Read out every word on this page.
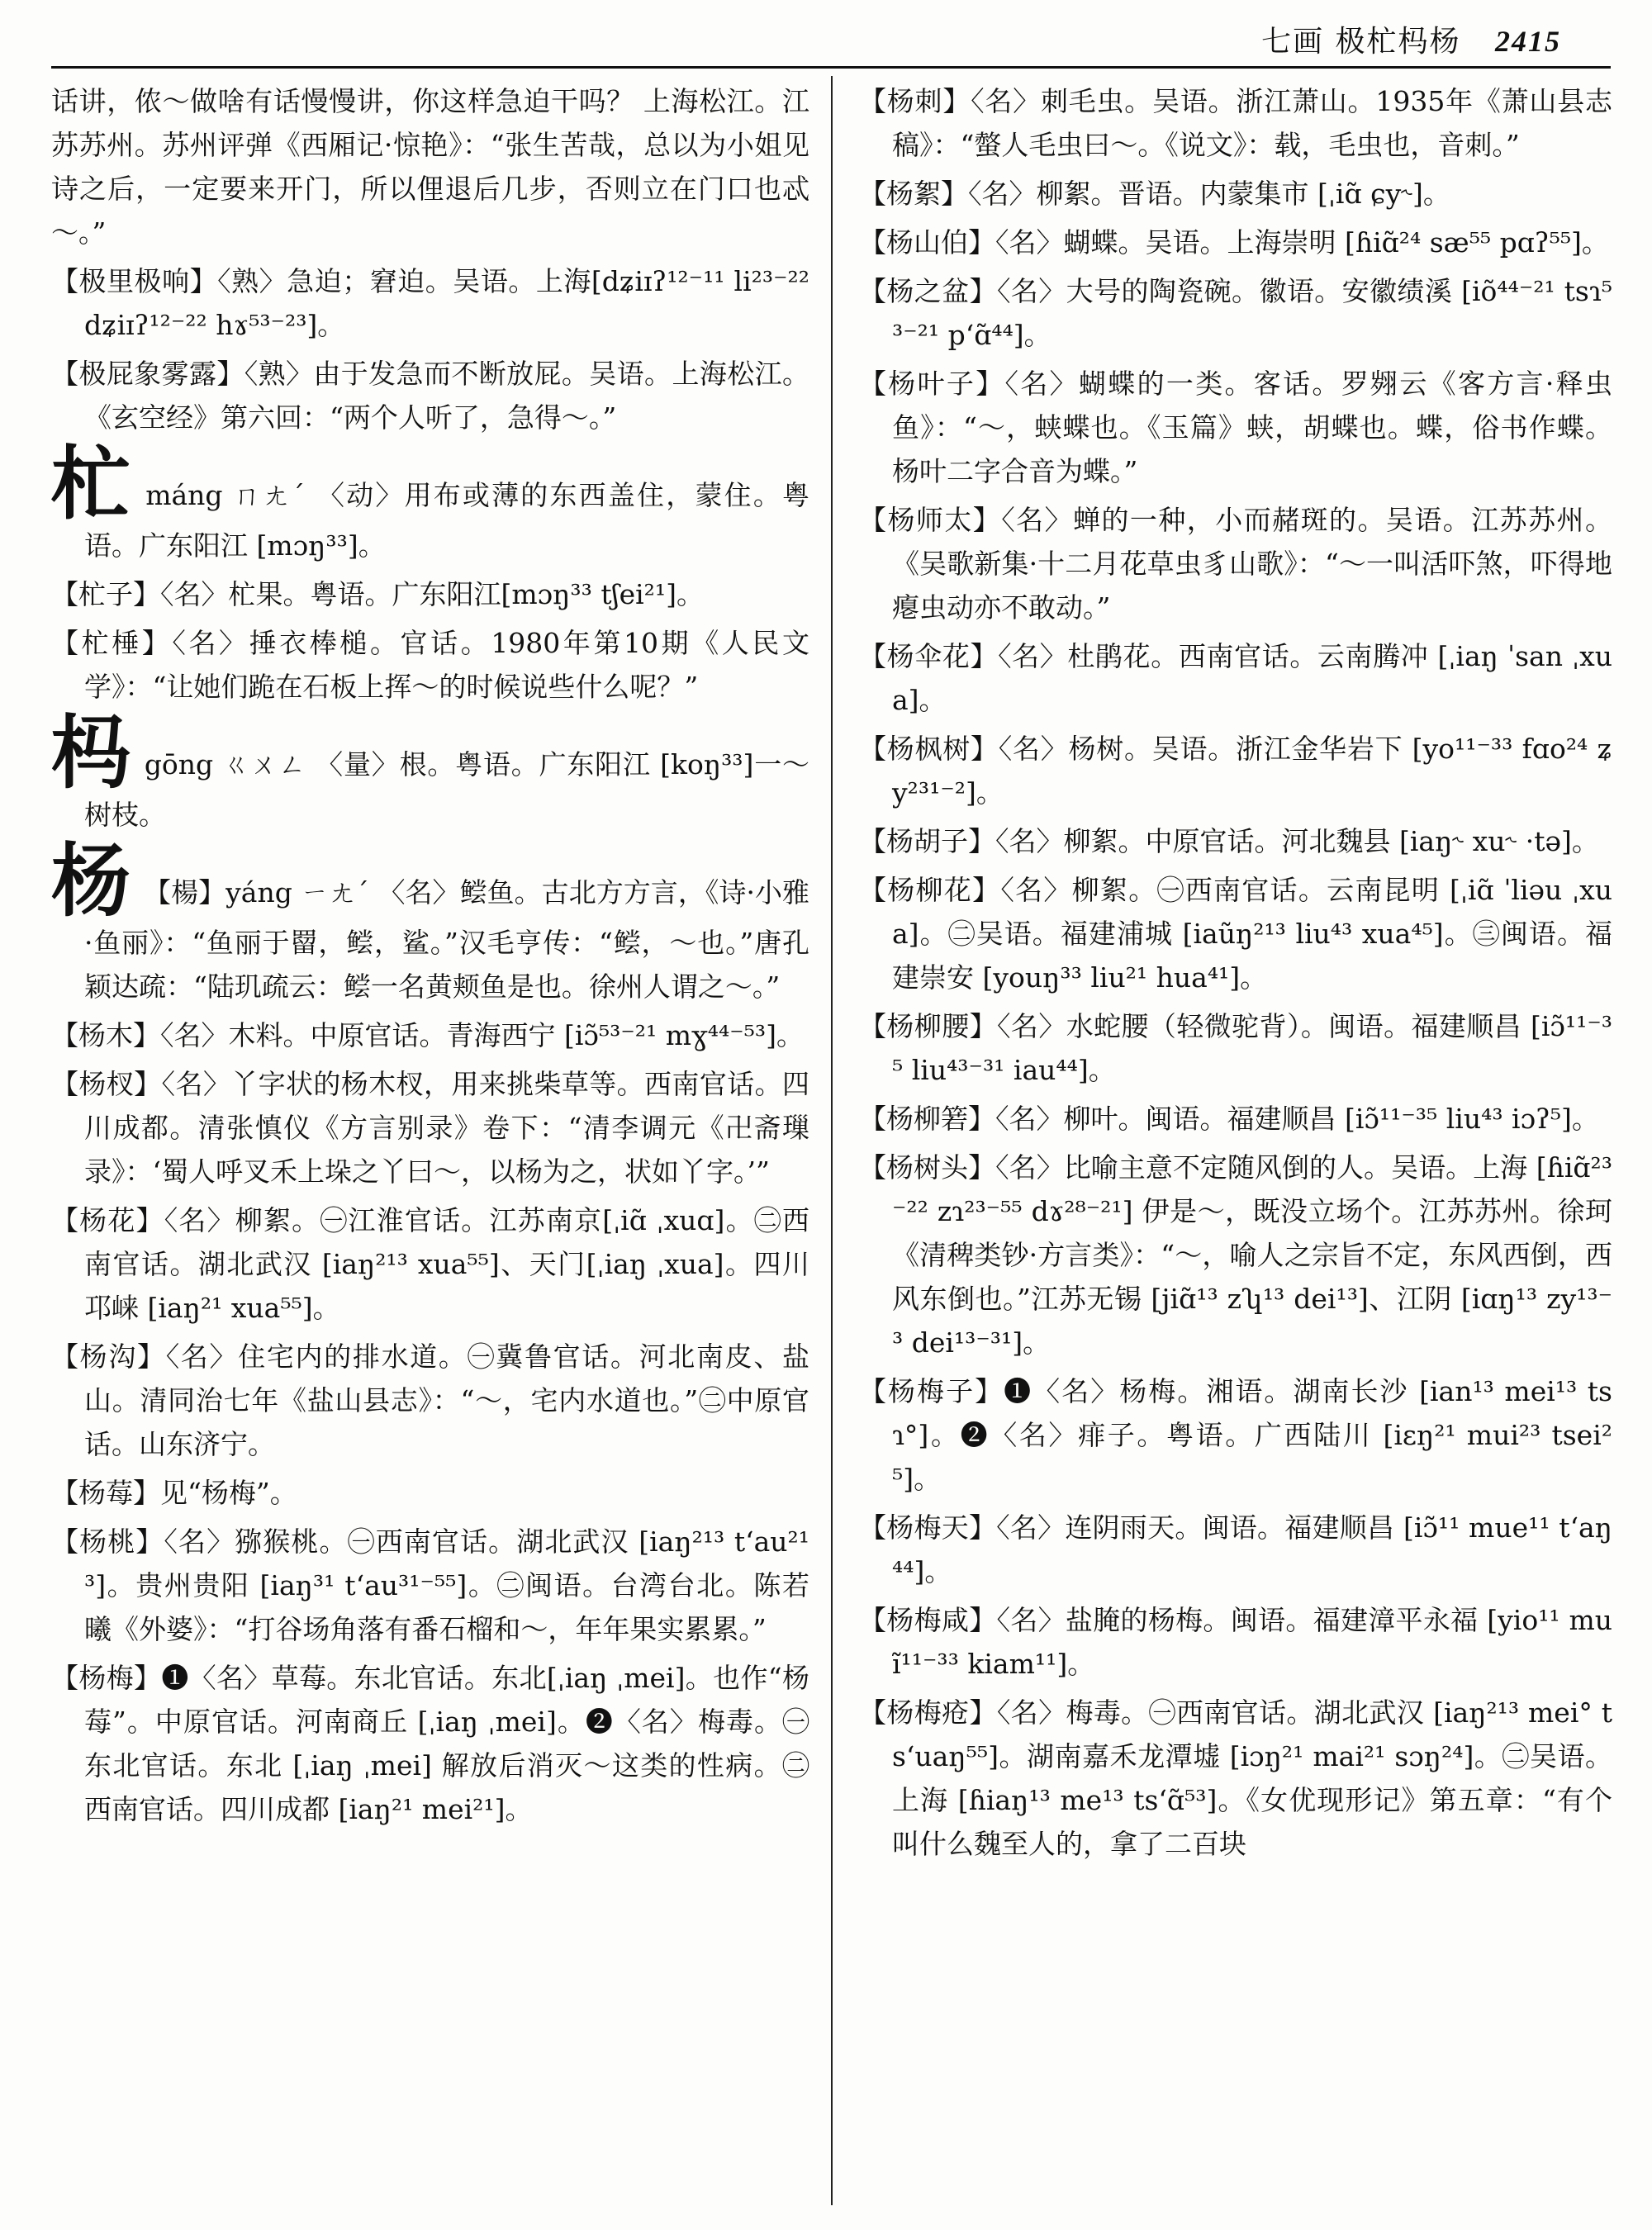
七画 极杧杩杨 2415

话讲，侬～做啥有话慢慢讲，你这样急迫干吗？ 上海松江。江苏苏州。苏州评弹《西厢记·惊艳》：“张生苦哉，总以为小姐见诗之后，一定要来开门，所以俚退后几步，否则立在门口也忒～。”

【极里极响】〈熟〉急迫；窘迫。吴语。上海[dʑiɪʔ¹²⁻¹¹ li²³⁻²² dʑiɪʔ¹²⁻²² hɤ⁵³⁻²³]。

【极屁象雾露】〈熟〉由于发急而不断放屁。吴语。上海松江。《玄空经》第六回：“两个人听了，急得～。”

杧máng ㄇㄤˊ 〈动〉用布或薄的东西盖住，蒙住。粤语。广东阳江 [mɔŋ³³]。

【杧子】〈名〉杧果。粤语。广东阳江[mɔŋ³³ tʃei²¹]。

【杧棰】〈名〉捶衣棒槌。官话。1980年第10期《人民文学》：“让她们跪在石板上挥～的时候说些什么呢？”

杩gōng ㄍㄨㄥ 〈量〉根。粤语。广东阳江 [koŋ³³]一～树枝。

杨 【楊】yáng ㄧㄤˊ 〈名〉鲿鱼。古北方方言，《诗·小雅·鱼丽》：“鱼丽于罶，鲿，鲨。”汉毛亨传：“鲿，～也。”唐孔颖达疏：“陆玑疏云：鲿一名黄颊鱼是也。徐州人谓之～。”

【杨木】〈名〉木料。中原官话。青海西宁 [iɔ̃⁵³⁻²¹ mɣ⁴⁴⁻⁵³]。

【杨杈】〈名〉丫字状的杨木杈，用来挑柴草等。西南官话。四川成都。清张慎仪《方言别录》卷下：“清李调元《卍斋璅录》：‘蜀人呼叉禾上垛之丫曰～，以杨为之，状如丫字。’”

【杨花】〈名〉柳絮。㊀江淮官话。江苏南京[ˌiɑ̃ ˌxuɑ]。㊁西南官话。湖北武汉 [iaŋ²¹³ xua⁵⁵]、天门[ˌiaŋ ˌxua]。四川邛崃 [iaŋ²¹ xua⁵⁵]。

【杨沟】〈名〉住宅内的排水道。㊀冀鲁官话。河北南皮、盐山。清同治七年《盐山县志》：“～，宅内水道也。”㊁中原官话。山东济宁。

【杨莓】见“杨梅”。

【杨桃】〈名〉猕猴桃。㊀西南官话。湖北武汉 [iaŋ²¹³ t‘au²¹³]。贵州贵阳 [iaŋ³¹ t‘au³¹⁻⁵⁵]。㊁闽语。台湾台北。陈若曦《外婆》：“打谷场角落有番石榴和～，年年果实累累。”

【杨梅】❶〈名〉草莓。东北官话。东北[ˌiaŋ ˌmei]。也作“杨莓”。中原官话。河南商丘 [ˌiaŋ ˌmei]。❷〈名〉梅毒。㊀东北官话。东北 [ˌiaŋ ˌmei] 解放后消灭～这类的性病。㊁西南官话。四川成都 [iaŋ²¹ mei²¹]。

【杨刺】〈名〉刺毛虫。吴语。浙江萧山。1935年《萧山县志稿》：“螫人毛虫曰～。《说文》：载，毛虫也，音刺。”

【杨絮】〈名〉柳絮。晋语。内蒙集市 [ˌiɑ̃ ɕy˞]。

【杨山伯】〈名〉蝴蝶。吴语。上海崇明 [ɦiɑ̃²⁴ sæ⁵⁵ pɑʔ⁵⁵]。

【杨之盆】〈名〉大号的陶瓷碗。徽语。安徽绩溪 [iõ⁴⁴⁻²¹ tsɿ⁵³⁻²¹ p‘ɑ̃⁴⁴]。

【杨叶子】〈名〉蝴蝶的一类。客话。罗翙云《客方言·释虫鱼》：“～，蛱蝶也。《玉篇》蛱，胡蝶也。蝶，俗书作蝶。杨叶二字合音为蝶。”

【杨师太】〈名〉蝉的一种，小而赭斑的。吴语。江苏苏州。《吴歌新集·十二月花草虫豸山歌》：“～一叫活吓煞，吓得地瘪虫动亦不敢动。”

【杨伞花】〈名〉杜鹃花。西南官话。云南腾冲 [ˌiaŋ ˈsan ˌxua]。

【杨枫树】〈名〉杨树。吴语。浙江金华岩下 [yo¹¹⁻³³ fɑo²⁴ ʑy²³¹⁻²]。

【杨胡子】〈名〉柳絮。中原官话。河北魏县 [iaŋ˞ xu˞ ·tə]。

【杨柳花】〈名〉柳絮。㊀西南官话。云南昆明 [ˌiɑ̃ ˈliəu ˌxua]。㊁吴语。福建浦城 [iaũŋ²¹³ liu⁴³ xua⁴⁵]。㊂闽语。福建崇安 [youŋ³³ liu²¹ hua⁴¹]。

【杨柳腰】〈名〉水蛇腰（轻微驼背）。闽语。福建顺昌 [iɔ̃¹¹⁻³⁵ liu⁴³⁻³¹ iau⁴⁴]。

【杨柳箬】〈名〉柳叶。闽语。福建顺昌 [iɔ̃¹¹⁻³⁵ liu⁴³ iɔʔ⁵]。

【杨树头】〈名〉比喻主意不定随风倒的人。吴语。上海 [ɦiɑ̃²³⁻²² zɿ²³⁻⁵⁵ dɤ²⁸⁻²¹] 伊是～，既没立场个。江苏苏州。徐珂《清稗类钞·方言类》：“～，喻人之宗旨不定，东风西倒，西风东倒也。”江苏无锡 [jiɑ̃¹³ zʮ¹³ dei¹³]、江阴 [iɑŋ¹³ zy¹³⁻³ dei¹³⁻³¹]。

【杨梅子】❶〈名〉杨梅。湘语。湖南长沙 [ian¹³ mei¹³ tsɿ°]。❷〈名〉痱子。粤语。广西陆川 [iɛŋ²¹ mui²³ tsei²⁵]。

【杨梅天】〈名〉连阴雨天。闽语。福建顺昌 [iɔ̃¹¹ mue¹¹ t‘aŋ⁴⁴]。

【杨梅咸】〈名〉盐腌的杨梅。闽语。福建漳平永福 [yio¹¹ muĩ¹¹⁻³³ kiam¹¹]。

【杨梅疮】〈名〉梅毒。㊀西南官话。湖北武汉 [iaŋ²¹³ mei° ts‘uaŋ⁵⁵]。湖南嘉禾龙潭墟 [iɔŋ²¹ mai²¹ sɔŋ²⁴]。㊁吴语。上海 [ɦiaŋ¹³ me¹³ ts‘ɑ̃⁵³]。《女优现形记》第五章：“有个叫什么魏至人的，拿了二百块
